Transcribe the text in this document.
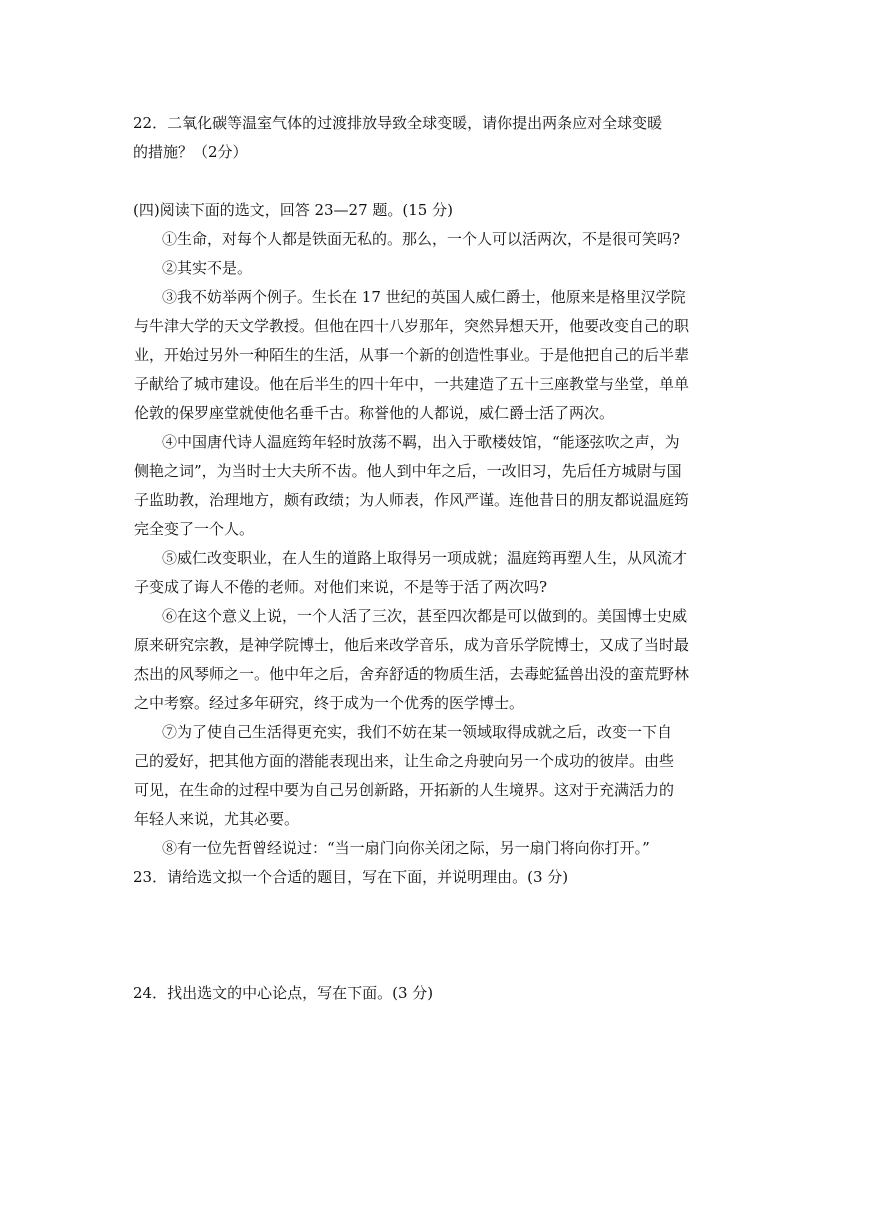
22．二氧化碳等温室气体的过渡排放导致全球变暖，请你提出两条应对全球变暖
的措施？（2分）
(四)阅读下面的选文，回答 23—27 题。(15 分)
①生命，对每个人都是铁面无私的。那么，一个人可以活两次，不是很可笑吗?
②其实不是。
③我不妨举两个例子。生长在 17 世纪的英国人威仁爵士，他原来是格里汉学院
与牛津大学的天文学教授。但他在四十八岁那年，突然异想天开，他要改变自己的职
业，开始过另外一种陌生的生活，从事一个新的创造性事业。于是他把自己的后半辈
子献给了城市建设。他在后半生的四十年中，一共建造了五十三座教堂与坐堂，单单
伦敦的保罗座堂就使他名垂千古。称誉他的人都说，威仁爵士活了两次。
④中国唐代诗人温庭筠年轻时放荡不羁，出入于歌楼妓馆，“能逐弦吹之声，为
侧艳之词”，为当时士大夫所不齿。他人到中年之后，一改旧习，先后任方城尉与国
子监助教，治理地方，颇有政绩；为人师表，作风严谨。连他昔日的朋友都说温庭筠
完全变了一个人。
⑤威仁改变职业，在人生的道路上取得另一项成就；温庭筠再塑人生，从风流才
子变成了诲人不倦的老师。对他们来说，不是等于活了两次吗?
⑥在这个意义上说，一个人活了三次，甚至四次都是可以做到的。美国博士史威
原来研究宗教，是神学院博士，他后来改学音乐，成为音乐学院博士，又成了当时最
杰出的风琴师之一。他中年之后，舍弃舒适的物质生活，去毒蛇猛兽出没的蛮荒野林
之中考察。经过多年研究，终于成为一个优秀的医学博士。
⑦为了使自己生活得更充实，我们不妨在某一领域取得成就之后，改变一下自
己的爱好，把其他方面的潜能表现出来，让生命之舟驶向另一个成功的彼岸。由些
可见，在生命的过程中要为自己另创新路，开拓新的人生境界。这对于充满活力的
年轻人来说，尤其必要。
⑧有一位先哲曾经说过：“当一扇门向你关闭之际，另一扇门将向你打开。”
23．请给选文拟一个合适的题目，写在下面，并说明理由。(3 分)
24．找出选文的中心论点，写在下面。(3 分)
